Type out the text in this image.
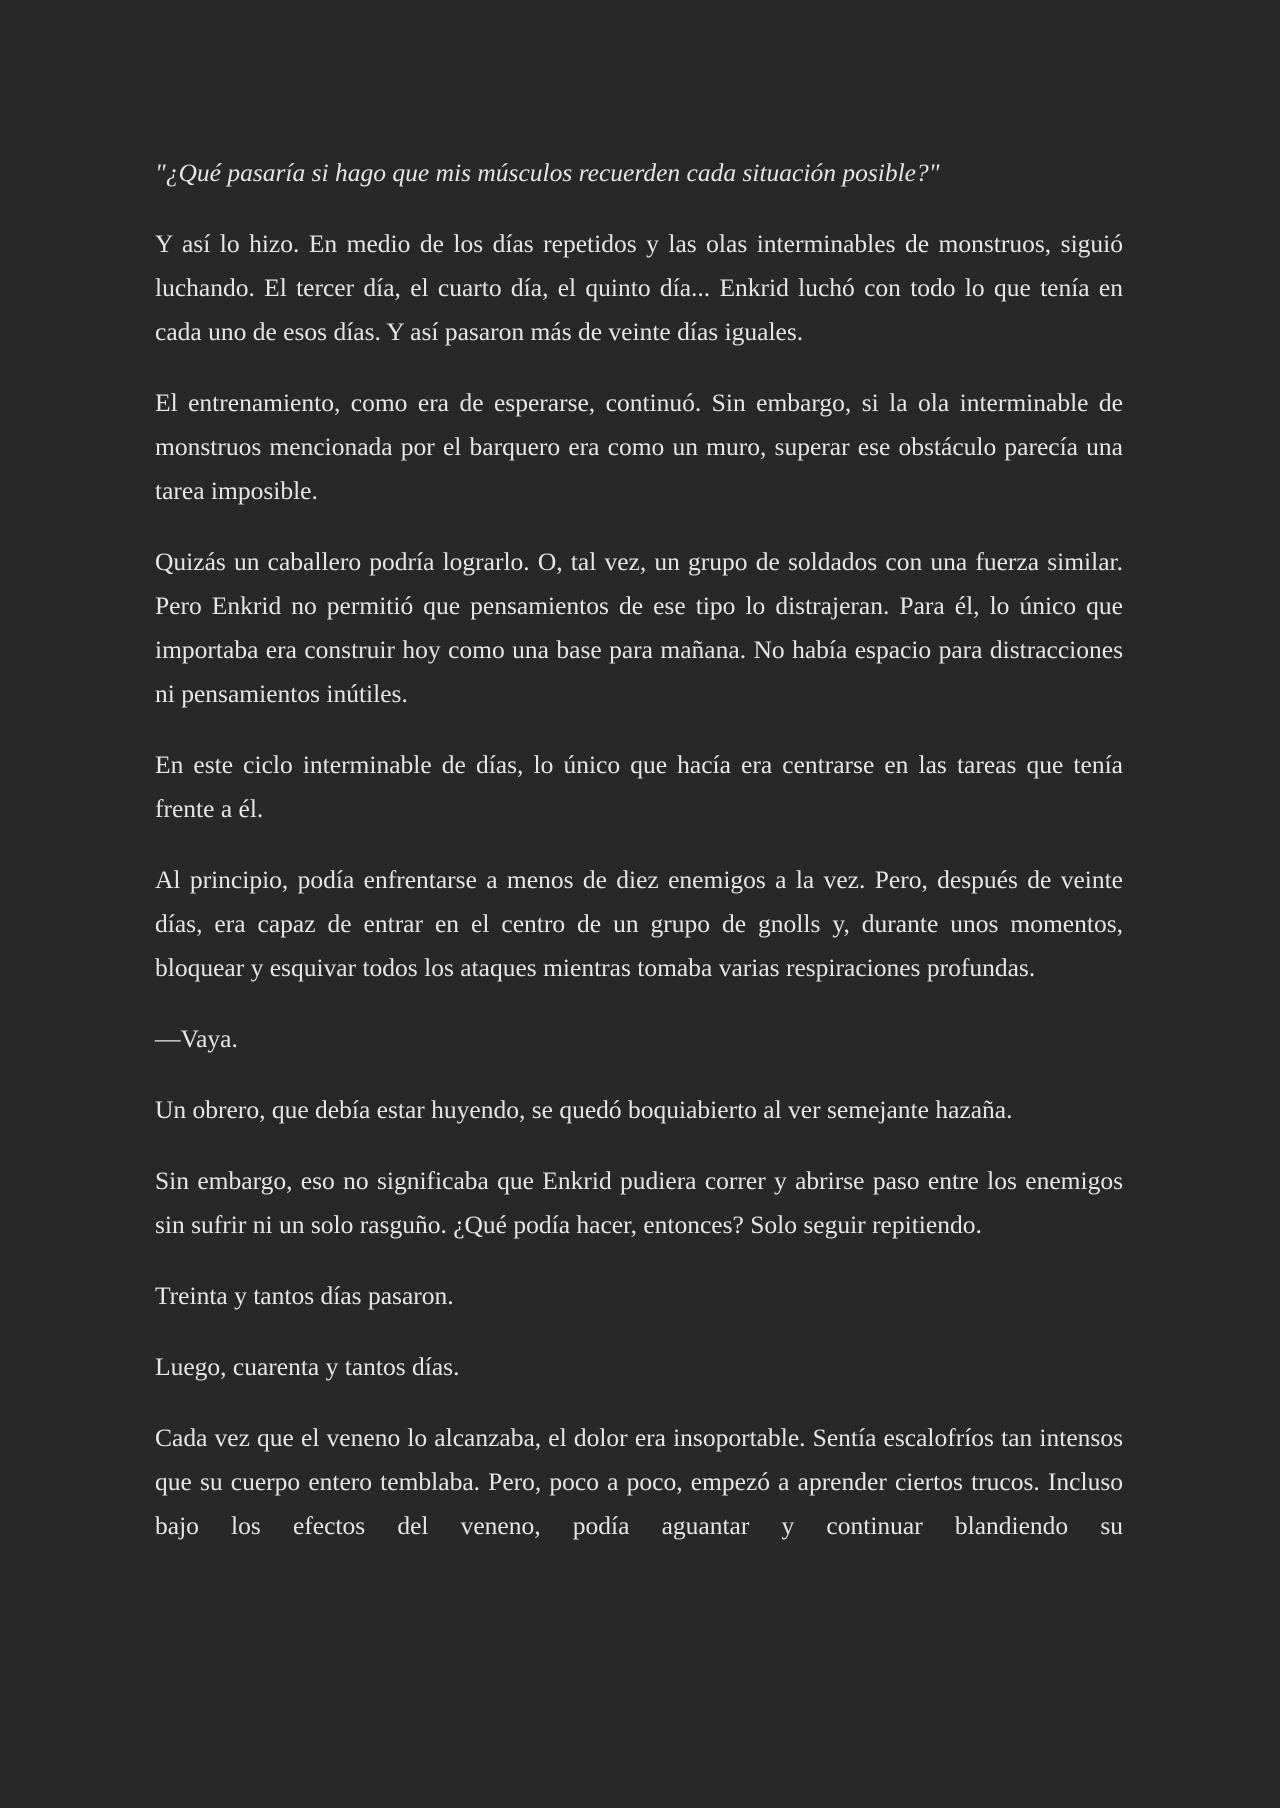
"¿Qué pasaría si hago que mis músculos recuerden cada situación posible?"

Y así lo hizo. En medio de los días repetidos y las olas interminables de monstruos, siguió luchando. El tercer día, el cuarto día, el quinto día... Enkrid luchó con todo lo que tenía en cada uno de esos días. Y así pasaron más de veinte días iguales.

El entrenamiento, como era de esperarse, continuó. Sin embargo, si la ola interminable de monstruos mencionada por el barquero era como un muro, superar ese obstáculo parecía una tarea imposible.

Quizás un caballero podría lograrlo. O, tal vez, un grupo de soldados con una fuerza similar. Pero Enkrid no permitió que pensamientos de ese tipo lo distrajeran. Para él, lo único que importaba era construir hoy como una base para mañana. No había espacio para distracciones ni pensamientos inútiles.

En este ciclo interminable de días, lo único que hacía era centrarse en las tareas que tenía frente a él.

Al principio, podía enfrentarse a menos de diez enemigos a la vez. Pero, después de veinte días, era capaz de entrar en el centro de un grupo de gnolls y, durante unos momentos, bloquear y esquivar todos los ataques mientras tomaba varias respiraciones profundas.

—Vaya.

Un obrero, que debía estar huyendo, se quedó boquiabierto al ver semejante hazaña.

Sin embargo, eso no significaba que Enkrid pudiera correr y abrirse paso entre los enemigos sin sufrir ni un solo rasguño. ¿Qué podía hacer, entonces? Solo seguir repitiendo.

Treinta y tantos días pasaron.

Luego, cuarenta y tantos días.

Cada vez que el veneno lo alcanzaba, el dolor era insoportable. Sentía escalofríos tan intensos que su cuerpo entero temblaba. Pero, poco a poco, empezó a aprender ciertos trucos. Incluso bajo los efectos del veneno, podía aguantar y continuar blandiendo su
